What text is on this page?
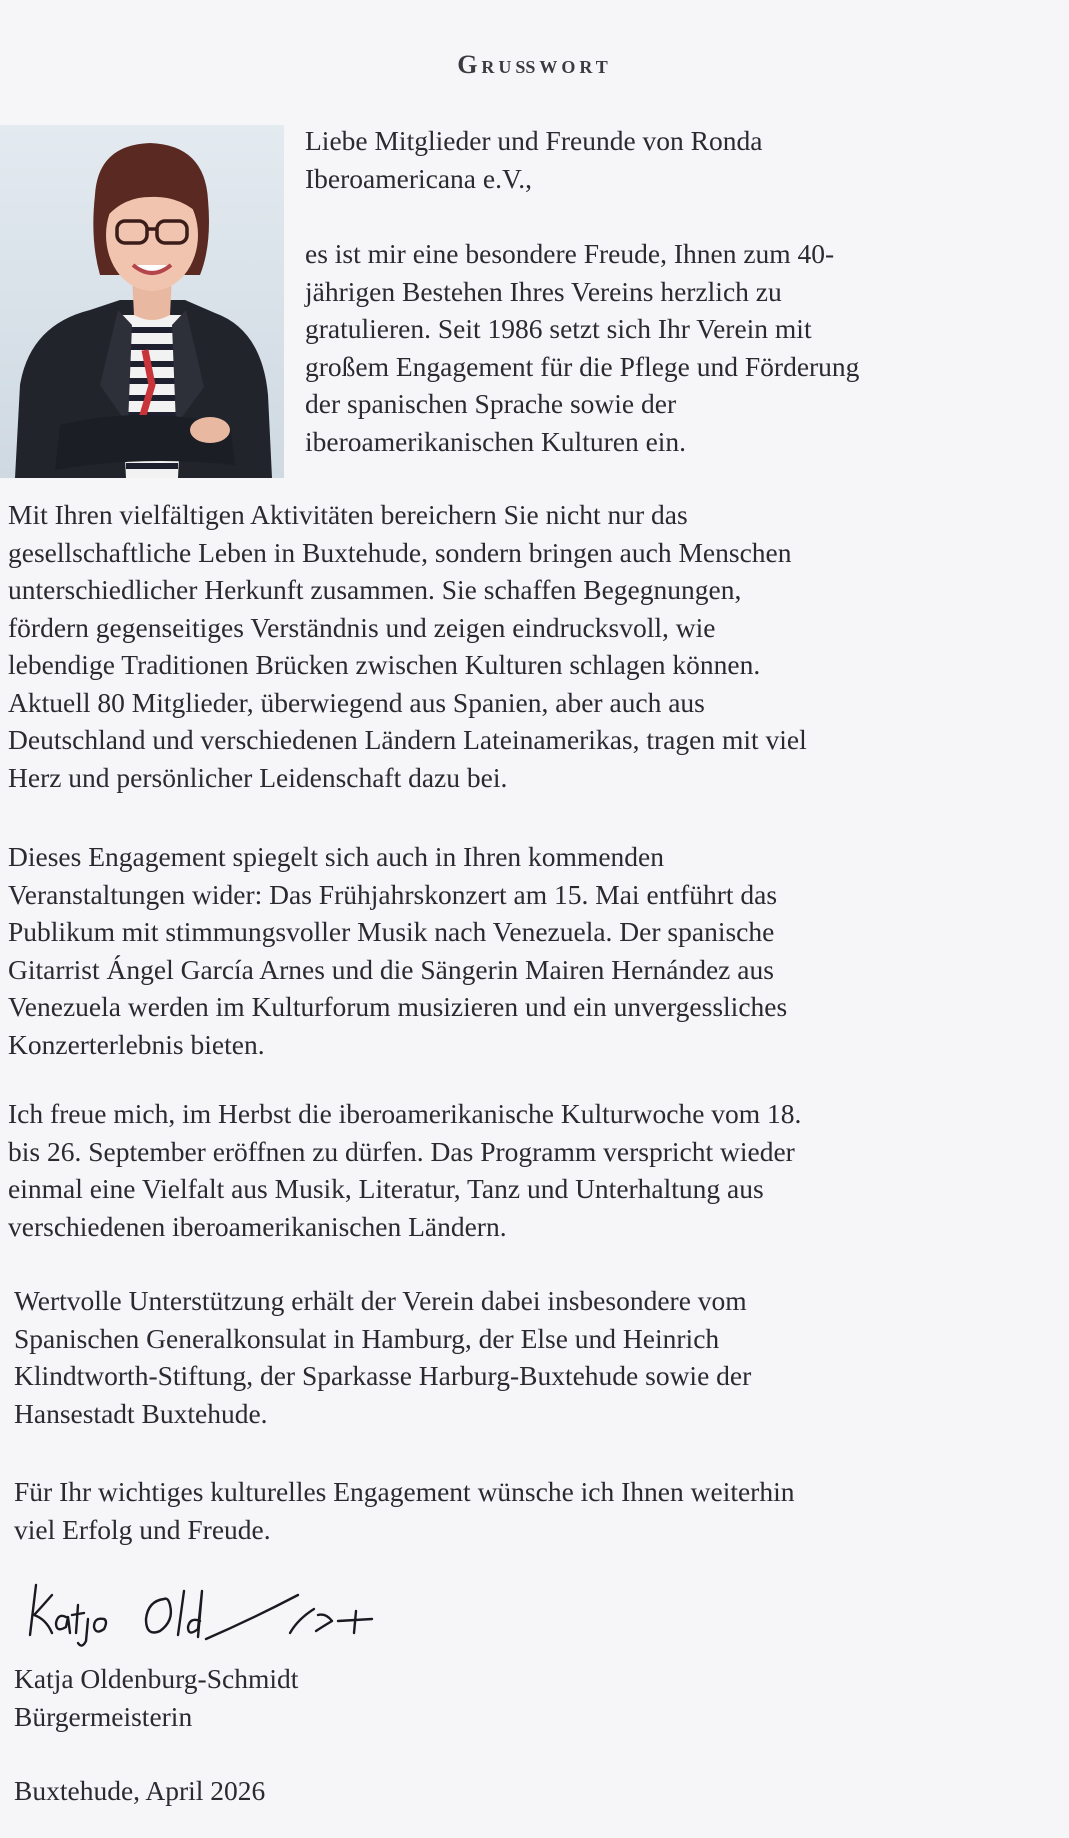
Grußwort

Liebe Mitglieder und Freunde von Ronda
Iberoamericana e.V.,

es ist mir eine besondere Freude, Ihnen zum 40-
jährigen Bestehen Ihres Vereins herzlich zu
gratulieren. Seit 1986 setzt sich Ihr Verein mit
großem Engagement für die Pflege und Förderung
der spanischen Sprache sowie der
iberoamerikanischen Kulturen ein.

Mit Ihren vielfältigen Aktivitäten bereichern Sie nicht nur das
gesellschaftliche Leben in Buxtehude, sondern bringen auch Menschen
unterschiedlicher Herkunft zusammen. Sie schaffen Begegnungen,
fördern gegenseitiges Verständnis und zeigen eindrucksvoll, wie
lebendige Traditionen Brücken zwischen Kulturen schlagen können.
Aktuell 80 Mitglieder, überwiegend aus Spanien, aber auch aus
Deutschland und verschiedenen Ländern Lateinamerikas, tragen mit viel
Herz und persönlicher Leidenschaft dazu bei.

Dieses Engagement spiegelt sich auch in Ihren kommenden
Veranstaltungen wider: Das Frühjahrskonzert am 15. Mai entführt das
Publikum mit stimmungsvoller Musik nach Venezuela. Der spanische
Gitarrist Ángel García Arnes und die Sängerin Mairen Hernández aus
Venezuela werden im Kulturforum musizieren und ein unvergessliches
Konzerterlebnis bieten.

Ich freue mich, im Herbst die iberoamerikanische Kulturwoche vom 18.
bis 26. September eröffnen zu dürfen. Das Programm verspricht wieder
einmal eine Vielfalt aus Musik, Literatur, Tanz und Unterhaltung aus
verschiedenen iberoamerikanischen Ländern.

Wertvolle Unterstützung erhält der Verein dabei insbesondere vom
Spanischen Generalkonsulat in Hamburg, der Else und Heinrich
Klindtworth-Stiftung, der Sparkasse Harburg-Buxtehude sowie der
Hansestadt Buxtehude.

Für Ihr wichtiges kulturelles Engagement wünsche ich Ihnen weiterhin
viel Erfolg und Freude.

Katja Oldenburg-Schmidt
Bürgermeisterin

Buxtehude, April 2026
